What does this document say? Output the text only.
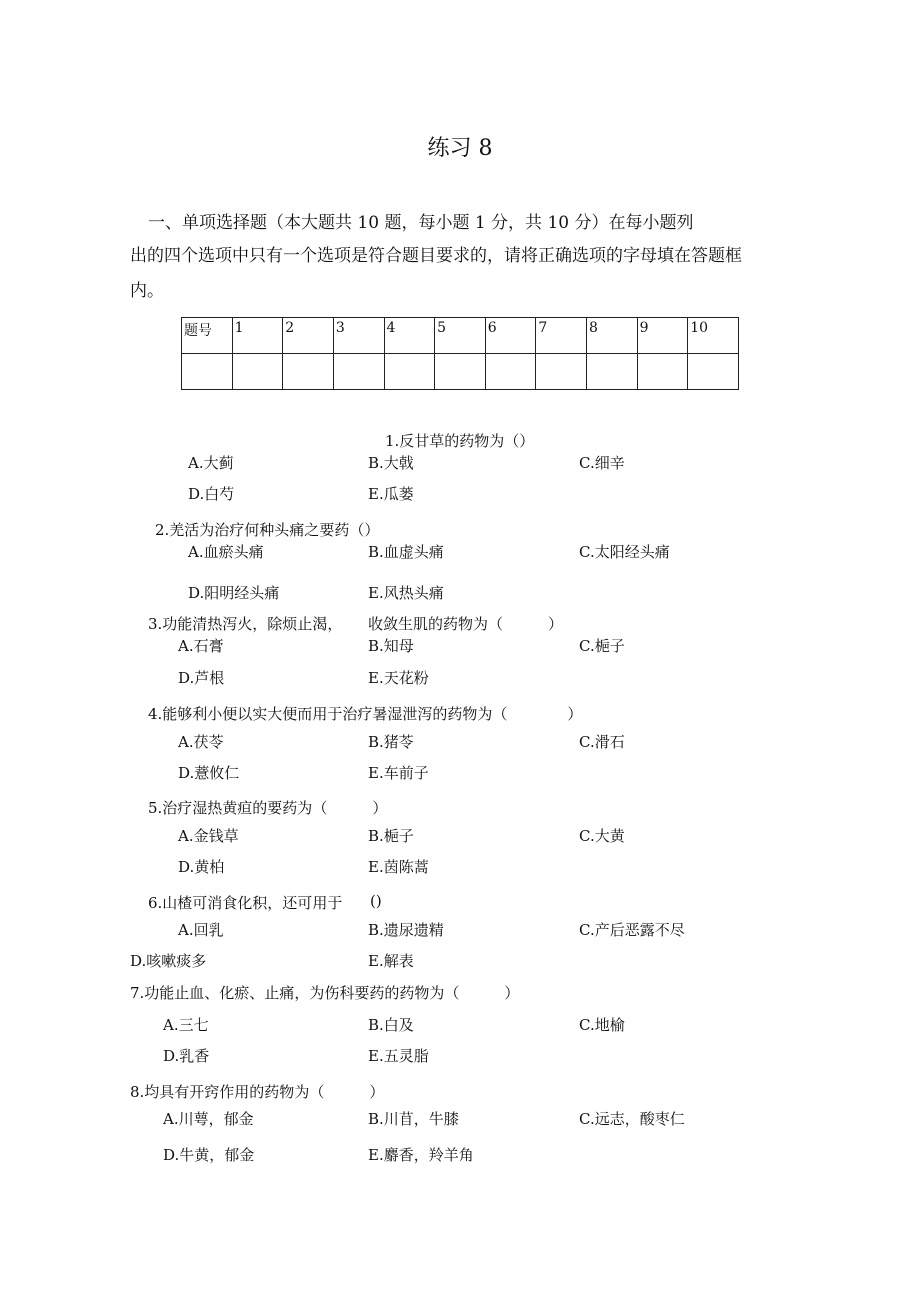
练习 8
一、单项选择题（本大题共 10 题，每小题 1 分，共 10 分）在每小题列
出的四个选项中只有一个选项是符合题目要求的，请将正确选项的字母填在答题框
内。
题号	1	2	3	4	5	6	7	8	9	10

1.反甘草的药物为（）
A.大蓟	B.大戟	C.细辛
D.白芍	E.瓜蒌
2.羌活为治疗何种头痛之要药（）
A.血瘀头痛	B.血虚头痛	C.太阳经头痛
D.阳明经头痛	E.风热头痛
3.功能清热泻火，除烦止渴， 收敛生肌的药物为（　　　）
A.石膏	B.知母	C.梔子
D.芦根	E.天花粉
4.能够利小便以实大便而用于治疗暑湿泄泻的药物为（　　　　）
A.茯苓	B.猪苓	C.滑石
D.薏攸仁	E.车前子
5.治疗湿热黄疸的要药为（　　　）
A.金钱草	B.梔子	C.大黄
D.黄柏	E.茵陈蒿
6.山楂可消食化积，还可用于 ()
A.回乳	B.遗尿遗精	C.产后恶露不尽
D.咳嗽痰多	E.解表
7.功能止血、化瘀、止痛，为伤科要药的药物为（　　　）
A.三七	B.白及	C.地榆
D.乳香	E.五灵脂
8.均具有开窍作用的药物为（　　　）
A.川萼，郁金	B.川苜，牛膝	C.远志，酸枣仁
D.牛黄，郁金	E.麝香，羚羊角
